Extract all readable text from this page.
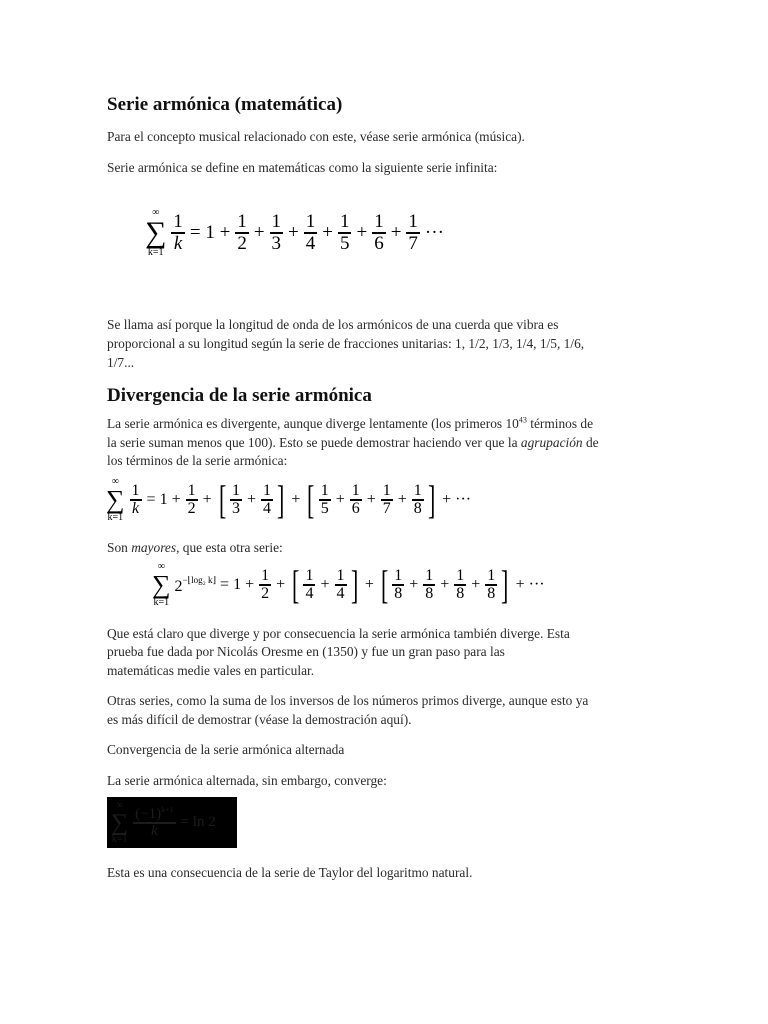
Serie armónica (matemática)
Para el concepto musical relacionado con este, véase serie armónica (música).
Serie armónica se define en matemáticas como la siguiente serie infinita:
∞
∑
$k=1 \frac{1}{k} = 1 + \frac{1}{2} + \frac{1}{3} + \frac{1}{4} + \frac{1}{5} + \frac{1}{6} + \frac{1}{7}$ ···
Se llama así porque la longitud de onda de los armónicos de una cuerda que vibra es
proporcional a su longitud según la serie de fracciones unitarias: 1, 1/2, 1/3, 1/4, 1/5, 1/6,
1/7...
Divergencia de la serie armónica
La serie armónica es divergente, aunque diverge lentamente (los primeros $10^{43}$ términos de
la serie suman menos que 100). Esto se puede demostrar haciendo ver que la agrupación de
los términos de la serie armónica:
∞
∑
k=1
$\frac{1}{k} = 1 + \frac{1}{2}$ + [ $\frac{1}{3} + \frac{1}{4}$ ] + [ $\frac{1}{5} + \frac{1}{6} + \frac{1}{7} + \frac{1}{8}$ ] + ···
Son mayores, que esta otra serie:
∞
∑
k=1
$2^{-⌊log_2 k⌋} = 1 + \frac{1}{2}$ + [ $\frac{1}{4} + \frac{1}{4}$ ] + [ $\frac{1}{8} + \frac{1}{8} + \frac{1}{8} + \frac{1}{8}$ ] + ···
Que está claro que diverge y por consecuencia la serie armónica también diverge. Esta
prueba fue dada por Nicolás Oresme en (1350) y fue un gran paso para las
matemáticas medie vales en particular.
Otras series, como la suma de los inversos de los números primos diverge, aunque esto ya
es más difícil de demostrar (véase la demostración aquí).
Convergencia de la serie armónica alternada
La serie armónica alternada, sin embargo, converge:
∞
∑
$k=1 \frac{(-1)^{k+1}}{k} = \ln 2$
Esta es una consecuencia de la serie de Taylor del logaritmo natural.
